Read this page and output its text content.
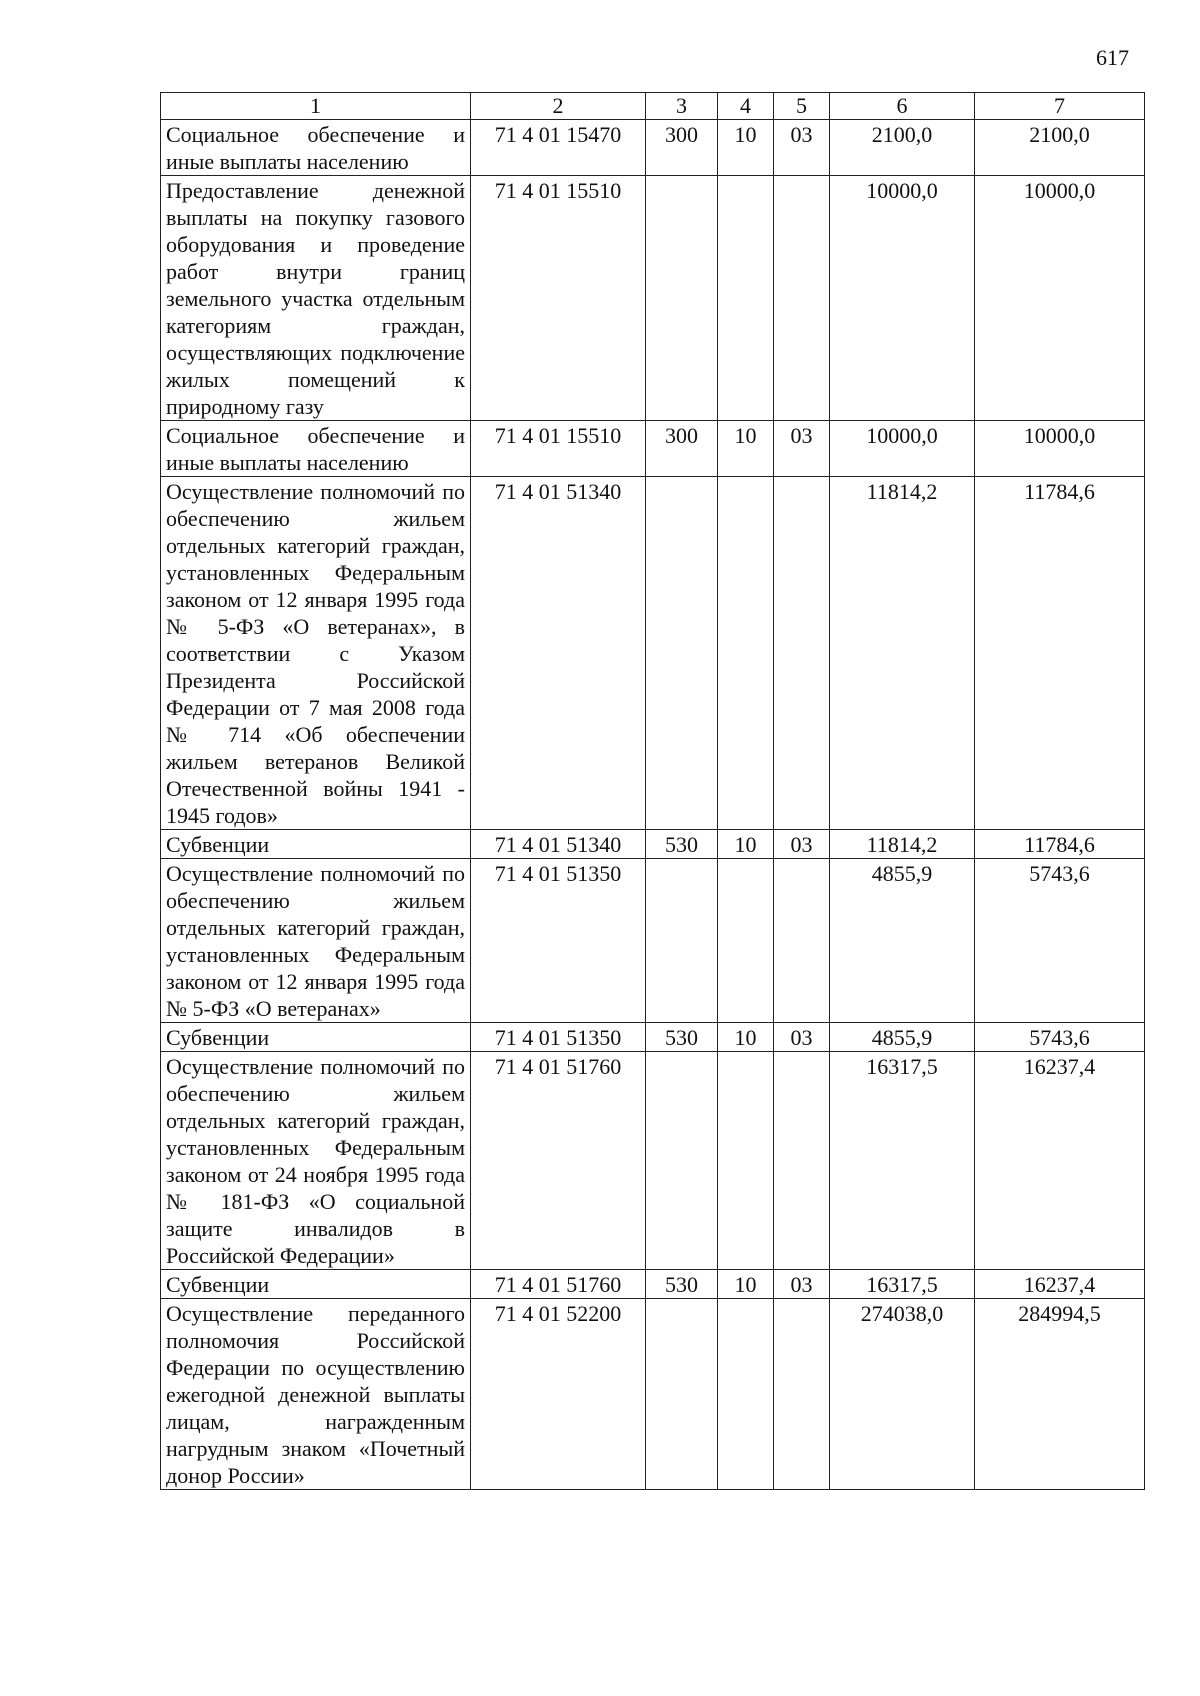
617
1	2	3	4	5	6	7
Социальное обеспечение и иные выплаты населению	71 4 01 15470	300	10	03	2100,0	2100,0
Предоставление денежной выплаты на покупку газового оборудования и проведение работ внутри границ земельного участка отдельным категориям граждан, осуществляющих подключение жилых помещений к природному газу	71 4 01 15510				10000,0	10000,0
Социальное обеспечение и иные выплаты населению	71 4 01 15510	300	10	03	10000,0	10000,0
Осуществление полномочий по обеспечению жильем отдельных категорий граждан, установленных Федеральным законом от 12 января 1995 года № 5-ФЗ «О ветеранах», в соответствии с Указом Президента Российской Федерации от 7 мая 2008 года № 714 «Об обеспечении жильем ветеранов Великой Отечественной войны 1941 - 1945 годов»	71 4 01 51340				11814,2	11784,6
Субвенции	71 4 01 51340	530	10	03	11814,2	11784,6
Осуществление полномочий по обеспечению жильем отдельных категорий граждан, установленных Федеральным законом от 12 января 1995 года № 5-ФЗ «О ветеранах»	71 4 01 51350				4855,9	5743,6
Субвенции	71 4 01 51350	530	10	03	4855,9	5743,6
Осуществление полномочий по обеспечению жильем отдельных категорий граждан, установленных Федеральным законом от 24 ноября 1995 года № 181-ФЗ «О социальной защите инвалидов в Российской Федерации»	71 4 01 51760				16317,5	16237,4
Субвенции	71 4 01 51760	530	10	03	16317,5	16237,4
Осуществление переданного полномочия Российской Федерации по осуществлению ежегодной денежной выплаты лицам, награжденным нагрудным знаком «Почетный донор России»	71 4 01 52200				274038,0	284994,5
